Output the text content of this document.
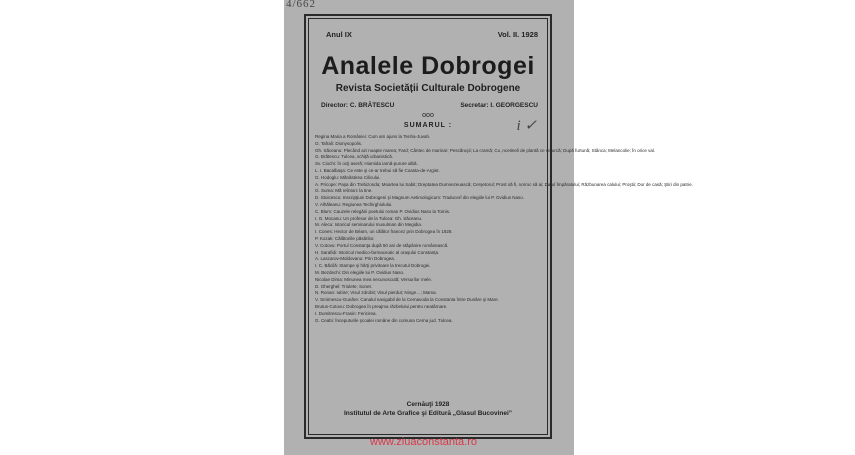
4/662
Anul IX	Vol. II. 1928
Analele Dobrogei
Revista Societății Culturale Dobrogene
Director: C. BRĂTESCU	Secretar: I. GEORGESCU
ooo
i ✓
SUMARUL :
Regina Maria a României: Cum am ajuns la Tenha-Juvah.
O. Tafrali: Dionysopolis.
Gh. Săceanu: Plecând azi noapte marea; Fard; Cântec de marinar; Pescăruşii; La cramă; Cu ‚ncetineli de plantă ce se urcă; După furtună; Stânca; Melancolie; În orice val.
G. Brătescu: Tulcea, schiţă urbanistică.
Sv. Ciochi: În ocţi aseră; Hiamida iarnă-purure albă.
L. I. Bacalbaşa: Ce este şi ce-ar trebui să fie Coasta-de-Argint.
G. Hodoglu: Mănăstirea Cilicului.
A. Pricope: Paşa din Trebizonda; Moartea lui Sabit; Dreptatea Dumnezeuască; Cerşetorul; Prost să fi, norroc să ai; Darul Împăratului; Răzbunarea calului; Proştii; Dor de casă; Ştiri din patrie.
G. Suma: Mă reîntorc la tine.
D. Stoicescu: Inscripţiuni Dobrogeni şi Magnum Aetimologicum: Traducerî din elegiile lui P. Ovidius Naso.
V. Alhăleanu: Regiunea Techirghiolului.
C. Blum: Cauzele relegării poetului roman P. Ovidius Naso la Tomis.
I. G. Mocanu: Un profesor de la Tulcea: Gh. Săceanu.
M. Alecu: Istoricul seminarului musulman din Megidia.
I. Cones: Hector de Béarn, un călător francez prin Dobrogea în 1828.
P. Kozak: Călătoriile păsărilor.
V. Cotovu: Portul Constanţa după 50 ani de stăpânire românească.
H. Sarafidi: Istoricul medico-farmaceutic al oraşului Constanţa.
A. Lascarov-Moldovanu: Prin Dobrogea.
I. C. Băcilă: Stampe şi hărţi privitoare la trecutul Dobrogei.
M. Bezdechi: Din elegiile lui P. Ovidius Naso.
Nicolae Dima: Minunea mea necunoscută; Versurilor mele.
D. Gherghel: Triolete; Sonet.
N. Ronan: Iubire; Visul zdrobit; Visul pierdut; Ninge…; Mama.
V. Smirnescu-Gunăre: Canalul navigabil de la Cernavoda la Constanta între Dunăre şi Mare.
Brutus-Cotovu: Dobrogea în preajma răzbelului pentru neatârnare.
I. Dumitrescu-Frasin: Fericirea.
G. Ceabi: Începuturile şcoalei române din comuna Cerna jud. Tulcea.
Cernăuţi 1928
Institutul de Arte Grafice şi Editură „Glasul Bucovinei”
www.ziuaconstanta.ro
